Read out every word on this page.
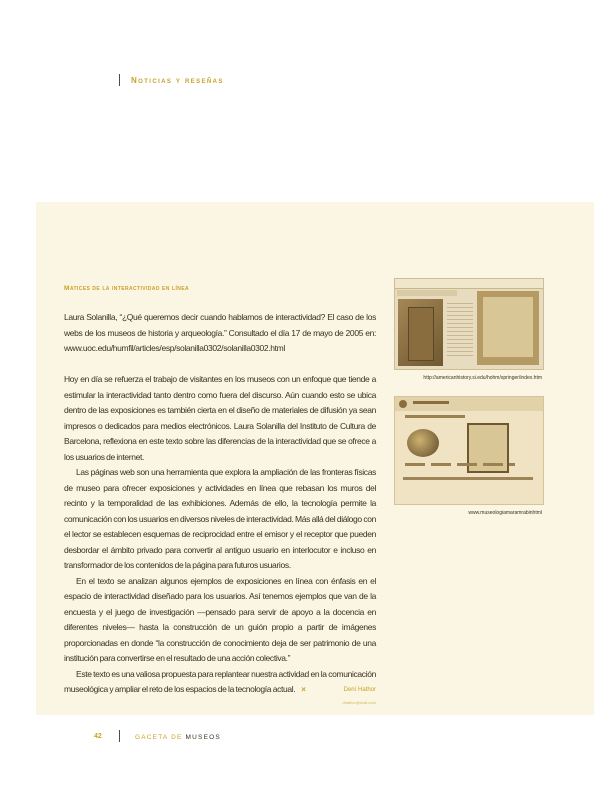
Noticias y reseñas
Matices de la interactividad en línea

Laura Solanilla, “¿Qué queremos decir cuando hablamos de interactividad? El caso de los webs de los museos de historia y arqueología.” Consultado el día 17 de mayo de 2005 en: www.uoc.edu/humfil/articles/esp/solanilla0302/solanilla0302.html

Hoy en día se refuerza el trabajo de visitantes en los museos con un enfoque que tiende a estimular la interactividad tanto dentro como fuera del discurso. Aún cuando esto se ubica dentro de las exposiciones es también cierta en el diseño de materiales de difusión ya sean impresos o dedicados para medios electrónicos. Laura Solanilla del Instituto de Cultura de Barcelona, reflexiona en este texto sobre las diferencias de la interactividad que se ofrece a los usuarios de internet.

Las páginas web son una herramienta que explora la ampliación de las fronteras físicas de museo para ofrecer exposiciones y actividades en línea que rebasan los muros del recinto y la temporalidad de las exhibiciones. Además de ello, la tecnología permite la comunicación con los usuarios en diversos niveles de interactividad. Más allá del diálogo con el lector se establecen esquemas de reciprocidad entre el emisor y el receptor que pueden desbordar el ámbito privado para convertir al antiguo usuario en interlocutor e incluso en transformador de los contenidos de la página para futuros usuarios.

En el texto se analizan algunos ejemplos de exposiciones en línea con énfasis en el espacio de interactividad diseñado para los usuarios. Así tenemos ejemplos que van de la encuesta y el juego de investigación —pensado para servir de apoyo a la docencia en diferentes niveles— hasta la construcción de un guión propio a partir de imágenes proporcionadas en donde “la construcción de conocimiento deja de ser patrimonio de una institución para convertirse en el resultado de una acción colectiva.”

Este texto es una valiosa propuesta para replantear nuestra actividad en la comunicación museológica y ampliar el reto de los espacios de la tecnología actual. ×	Dení Hathor
dhathor@mail.com
http://americanhistory.si.edu/hohm/springer/index.htm
www.museologiamaramrabinhtml
42	GACETA DE MUSEOS
